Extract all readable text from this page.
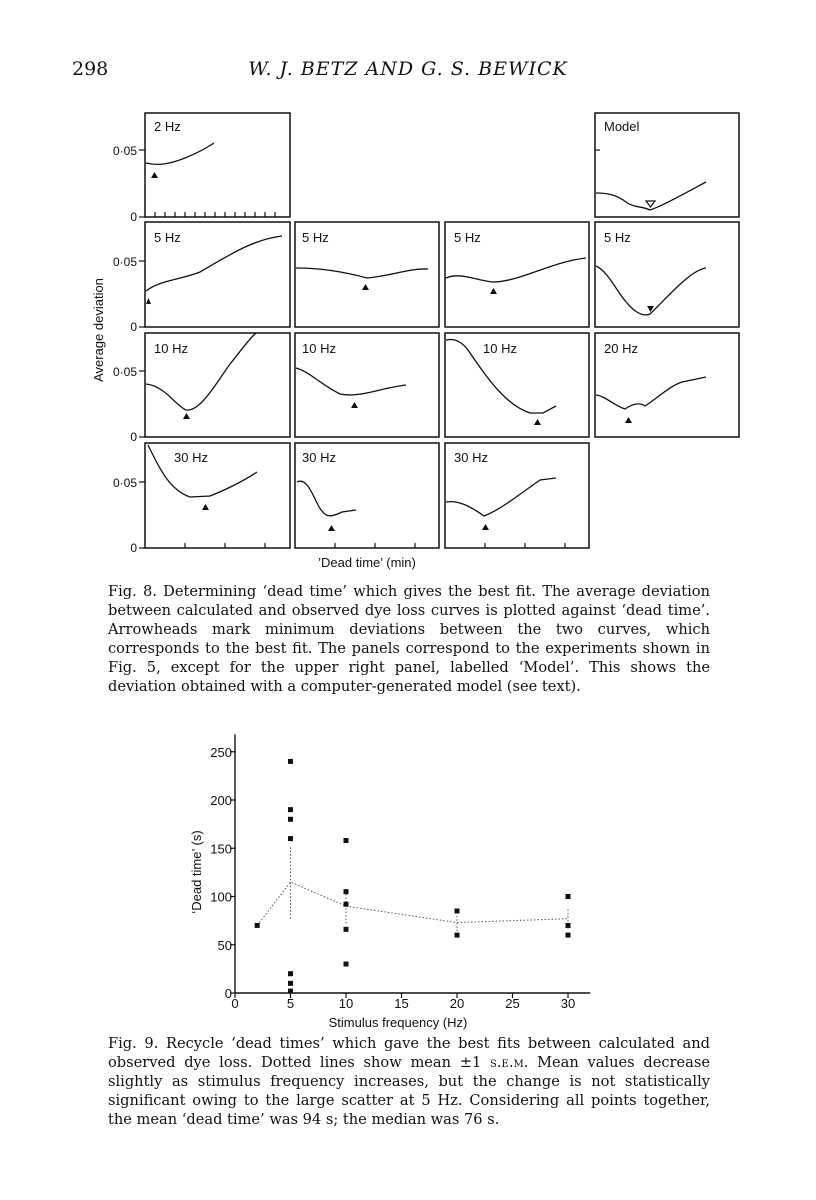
298	W. J. BETZ AND G. S. BEWICK
0·05
0
0·05
0
0·05
0
0·05
0
Average deviation
’Dead time’ (min)
2 Hz	Model
5 Hz	5 Hz	5 Hz	5 Hz
10 Hz	10 Hz	10 Hz	20 Hz
30 Hz	30 Hz	30 Hz
Fig. 8. Determining ‘dead time’ which gives the best fit. The average deviation between calculated and observed dye loss curves is plotted against ‘dead time’. Arrowheads mark minimum deviations between the two curves, which corresponds to the best fit. The panels correspond to the experiments shown in Fig. 5, except for the upper right panel, labelled ‘Model’. This shows the deviation obtained with a computer-generated model (see text).
0	5	10	15	20	25	30
0
50
100
150
200
250
Stimulus frequency (Hz)
‘Dead time’ (s)
Fig. 9. Recycle ‘dead times’ which gave the best fits between calculated and observed dye loss. Dotted lines show mean ±1 s.e.m. Mean values decrease slightly as stimulus frequency increases, but the change is not statistically significant owing to the large scatter at 5 Hz. Considering all points together, the mean ‘dead time’ was 94 s; the median was 76 s.
